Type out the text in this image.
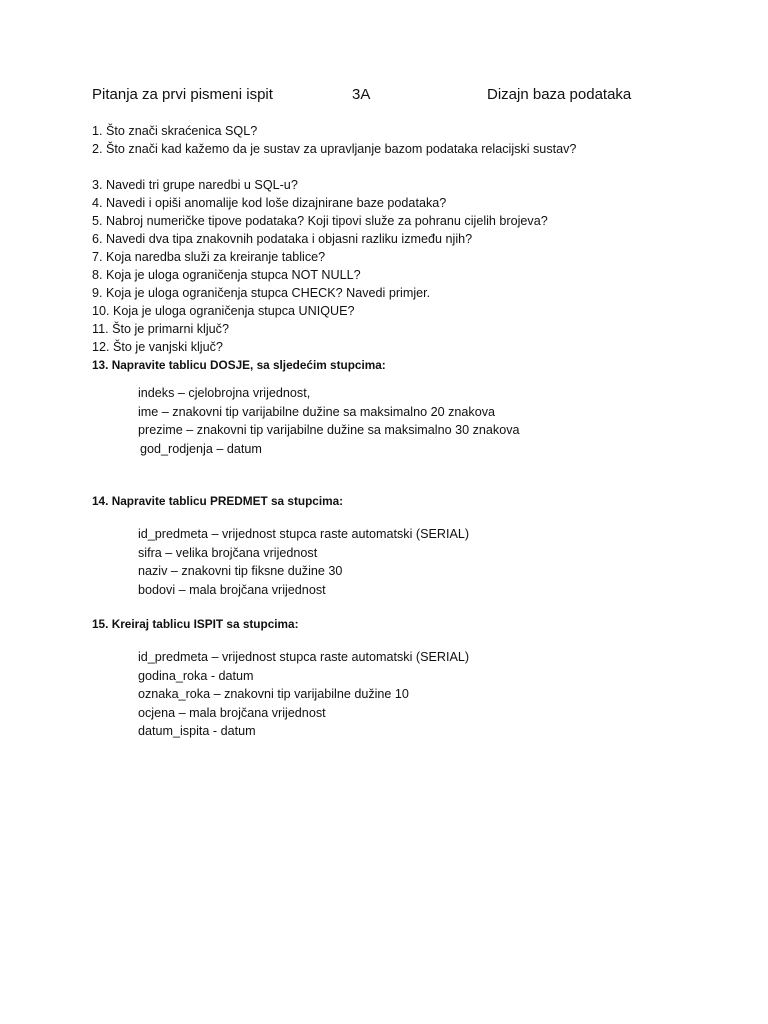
Pitanja za prvi pismeni ispit	3A	Dizajn baza podataka
1. Što znači skraćenica SQL?
2. Što znači kad kažemo da je sustav za upravljanje bazom podataka relacijski sustav?
3. Navedi tri grupe naredbi u SQL-u?
4. Navedi i opiši anomalije kod loše dizajnirane baze podataka?
5. Nabroj numeričke tipove podataka? Koji tipovi služe za pohranu cijelih brojeva?
6. Navedi dva tipa znakovnih podataka i objasni razliku između njih?
7. Koja naredba služi za kreiranje tablice?
8. Koja je uloga ograničenja stupca NOT NULL?
9. Koja je uloga ograničenja stupca CHECK? Navedi primjer.
10. Koja je uloga ograničenja stupca UNIQUE?
11. Što je primarni ključ?
12. Što je vanjski ključ?
13. Napravite tablicu DOSJE, sa sljedećim stupcima:
indeks – cjelobrojna vrijednost,
ime – znakovni tip varijabilne dužine sa maksimalno 20 znakova
prezime – znakovni tip varijabilne dužine sa maksimalno 30 znakova
god_rodjenja – datum
14. Napravite tablicu PREDMET sa stupcima:
id_predmeta – vrijednost stupca raste automatski (SERIAL)
sifra – velika brojčana vrijednost
naziv – znakovni tip fiksne dužine 30
bodovi – mala brojčana vrijednost
15. Kreiraj tablicu ISPIT sa stupcima:
id_predmeta – vrijednost stupca raste automatski (SERIAL)
godina_roka - datum
oznaka_roka – znakovni tip varijabilne dužine 10
ocjena – mala brojčana vrijednost
datum_ispita - datum
